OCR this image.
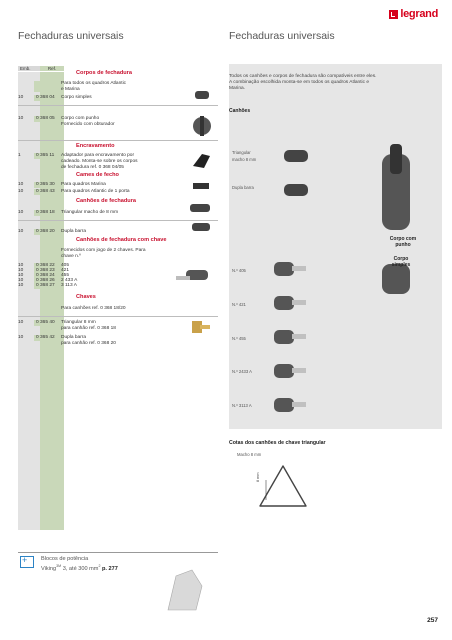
legrand
Fechaduras universais	Fechaduras universais
Emb.	Ref.
Corpos de fechadura
Para todos os quadros Atlantic e Marina
10	0 368 04	Corpo simples
10	0 368 05	Corpo com punho
Fornecido com obturador
Encravamento
1	0 365 11	Adaptador para encravamento por
cadeado. Monta-se sobre os corpos
de fechadura ref. 0 368 04/05
Cames de fecho
10	0 365 30	Para quadros Marina
10	0 368 43	Para quadros Atlantic de 1 porta
Canhões de fechadura
10	0 368 18	Triangular macho de 8 mm
10	0 368 20	Dupla barra
Canhões de fechadura com chave
Fornecidos com jogo de 2 chaves. Para chave n.º
10	0 368 22	405
10	0 368 23	421
10	0 368 24	455
10	0 368 26	2 433 A
10	0 368 27	3 113 A
Chaves
Para canhões ref. 0 368 18/20
10	0 365 40	Triangular 8 mm
para canhão ref. 0 368 18
10	0 365 42	Dupla barra
para canhão ref. 0 368 20
Todos os canhões e corpos de fechadura são compatíveis entre eles.
A combinação escolhida monta-se em todos os quadros Atlantic e
Marina.
Canhões
Triangular
macho 8 mm
Dupla barra
Corpo com
punho
Corpo
simples
N.º 405
N.º 421
N.º 455
N.º 2433 A
N.º 3113 A
Cotas dos canhões de chave triangular
Macho 8 mm
8 mm
+
Blocos de potência
Viking$^{3M}$ 3, até 300 $mm^2$ p. 277
257
